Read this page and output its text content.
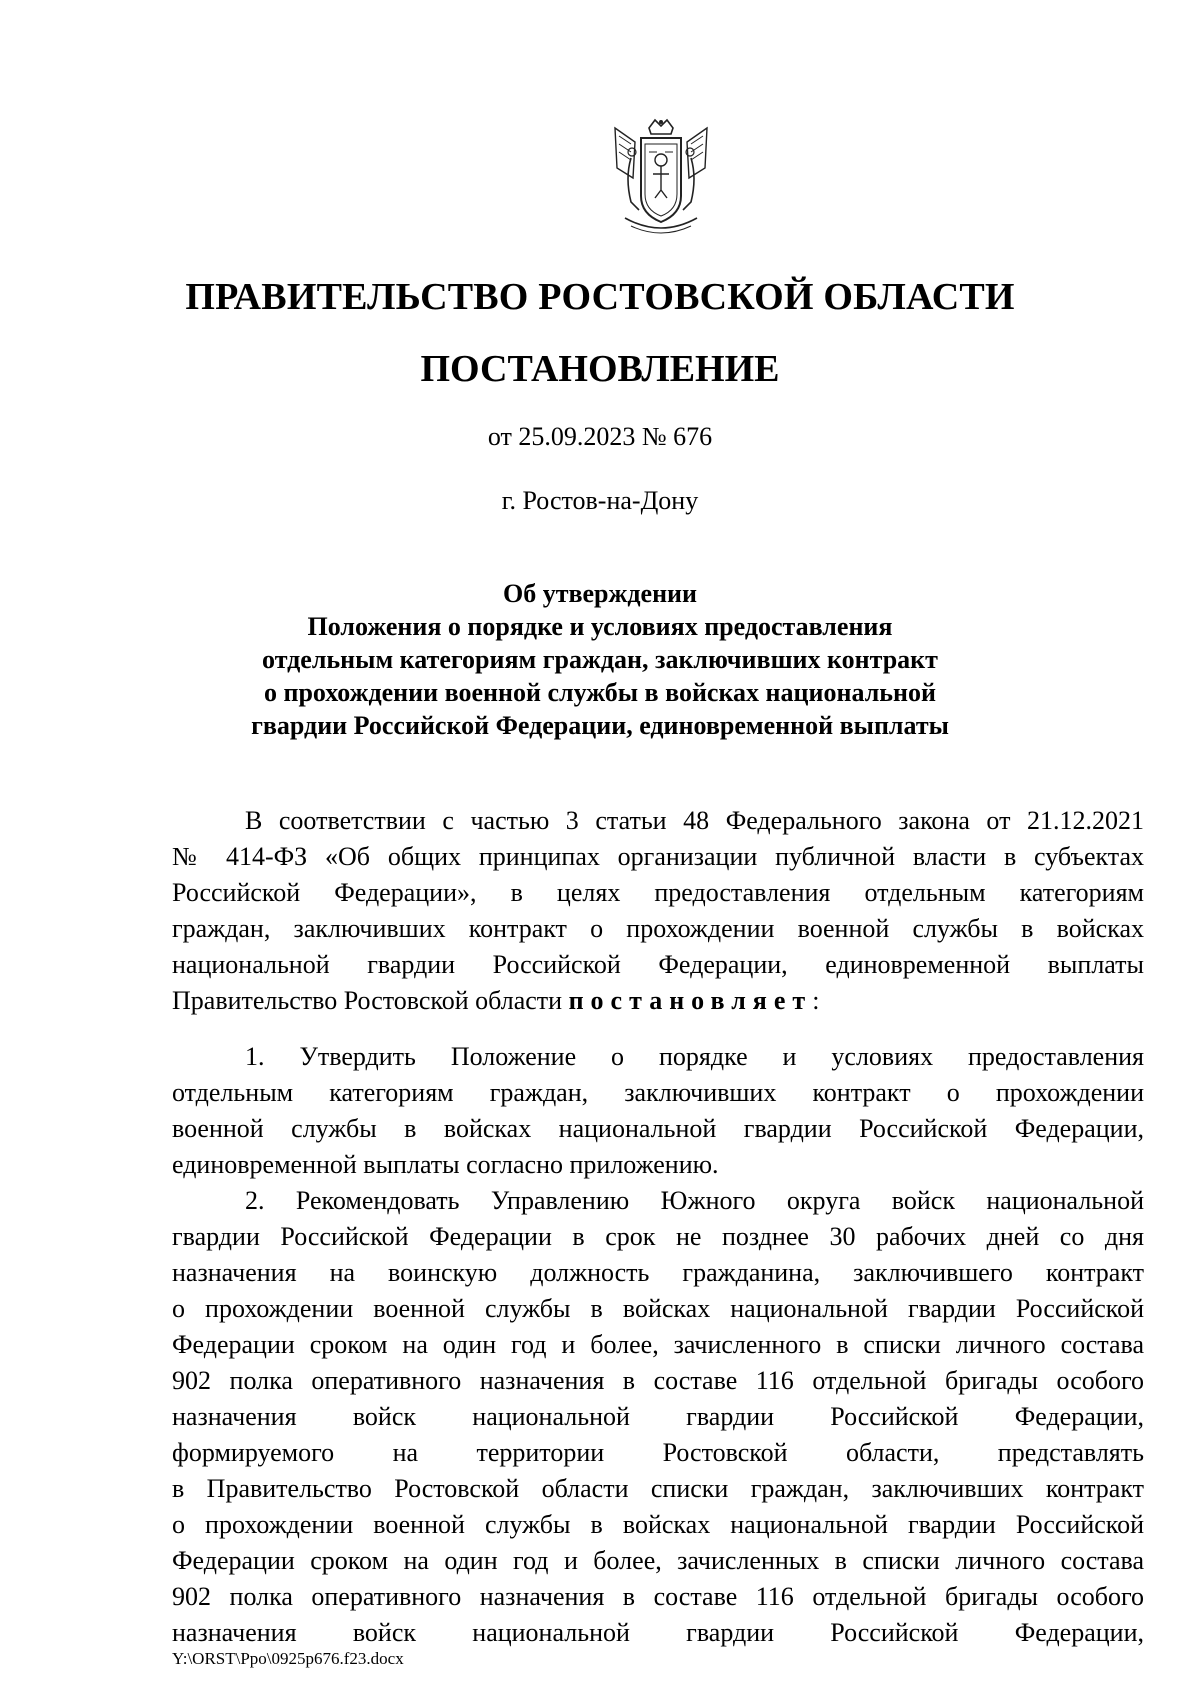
ПРАВИТЕЛЬСТВО РОСТОВСКОЙ ОБЛАСТИ
ПОСТАНОВЛЕНИЕ
от 25.09.2023 № 676
г. Ростов-на-Дону
Об утверждении
Положения о порядке и условиях предоставления
отдельным категориям граждан, заключивших контракт
о прохождении военной службы в войсках национальной
гвардии Российской Федерации, единовременной выплаты
В соответствии с частью 3 статьи 48 Федерального закона от 21.12.2021
№ 414-ФЗ «Об общих принципах организации публичной власти в субъектах
Российской Федерации», в целях предоставления отдельным категориям
граждан, заключивших контракт о прохождении военной службы в войсках
национальной гвардии Российской Федерации, единовременной выплаты
Правительство Ростовской области постановляет:
1. Утвердить Положение о порядке и условиях предоставления
отдельным категориям граждан, заключивших контракт о прохождении
военной службы в войсках национальной гвардии Российской Федерации,
единовременной выплаты согласно приложению.
2. Рекомендовать Управлению Южного округа войск национальной
гвардии Российской Федерации в срок не позднее 30 рабочих дней со дня
назначения на воинскую должность гражданина, заключившего контракт
о прохождении военной службы в войсках национальной гвардии Российской
Федерации сроком на один год и более, зачисленного в списки личного состава
902 полка оперативного назначения в составе 116 отдельной бригады особого
назначения войск национальной гвардии Российской Федерации,
формируемого на территории Ростовской области, представлять
в Правительство Ростовской области списки граждан, заключивших контракт
о прохождении военной службы в войсках национальной гвардии Российской
Федерации сроком на один год и более, зачисленных в списки личного состава
902 полка оперативного назначения в составе 116 отдельной бригады особого
назначения войск национальной гвардии Российской Федерации,
Y:\ORST\Ppo\0925p676.f23.docx
